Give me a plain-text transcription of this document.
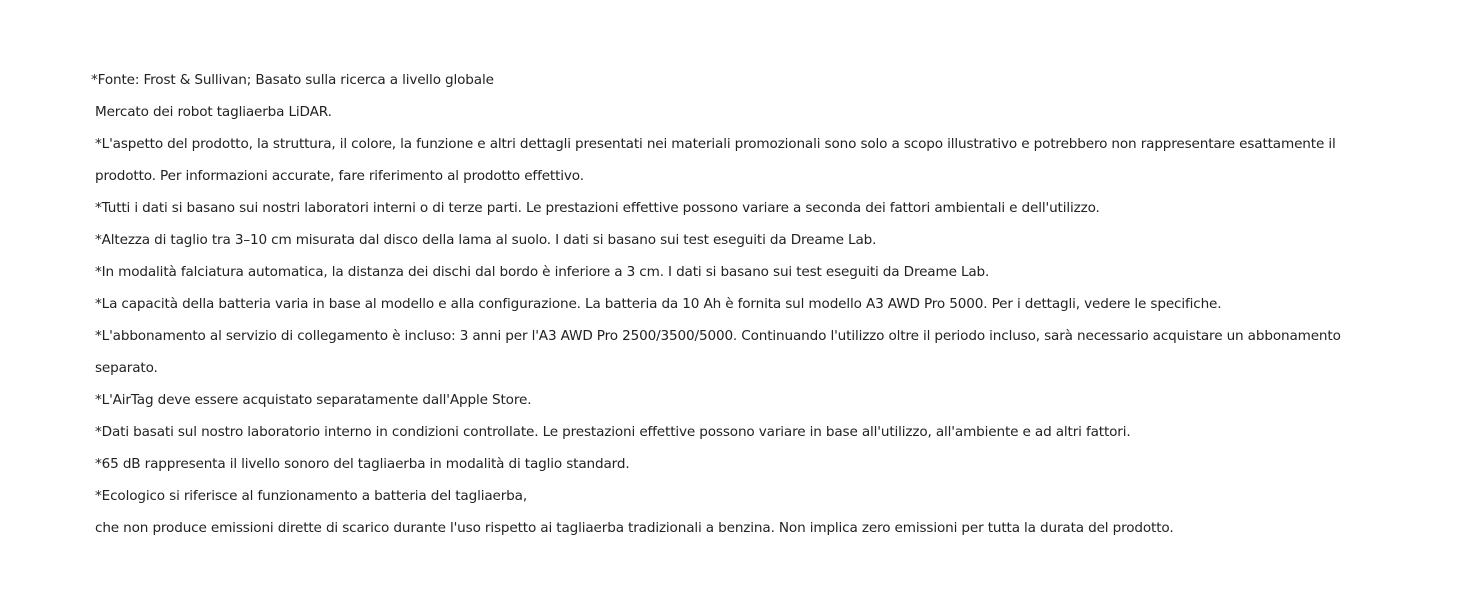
*Fonte: Frost & Sullivan; Basato sulla ricerca a livello globale

Mercato dei robot tagliaerba LiDAR.

*L'aspetto del prodotto, la struttura, il colore, la funzione e altri dettagli presentati nei materiali promozionali sono solo a scopo illustrativo e potrebbero non rappresentare esattamente il prodotto. Per informazioni accurate, fare riferimento al prodotto effettivo.

*Tutti i dati si basano sui nostri laboratori interni o di terze parti. Le prestazioni effettive possono variare a seconda dei fattori ambientali e dell'utilizzo.

*Altezza di taglio tra 3–10 cm misurata dal disco della lama al suolo. I dati si basano sui test eseguiti da Dreame Lab.

*In modalità falciatura automatica, la distanza dei dischi dal bordo è inferiore a 3 cm. I dati si basano sui test eseguiti da Dreame Lab.

*La capacità della batteria varia in base al modello e alla configurazione. La batteria da 10 Ah è fornita sul modello A3 AWD Pro 5000. Per i dettagli, vedere le specifiche.

*L'abbonamento al servizio di collegamento è incluso: 3 anni per l'A3 AWD Pro 2500/3500/5000. Continuando l'utilizzo oltre il periodo incluso, sarà necessario acquistare un abbonamento separato.

*L'AirTag deve essere acquistato separatamente dall'Apple Store.

*Dati basati sul nostro laboratorio interno in condizioni controllate. Le prestazioni effettive possono variare in base all'utilizzo, all'ambiente e ad altri fattori.

*65 dB rappresenta il livello sonoro del tagliaerba in modalità di taglio standard.

*Ecologico si riferisce al funzionamento a batteria del tagliaerba,

che non produce emissioni dirette di scarico durante l'uso rispetto ai tagliaerba tradizionali a benzina. Non implica zero emissioni per tutta la durata del prodotto.
